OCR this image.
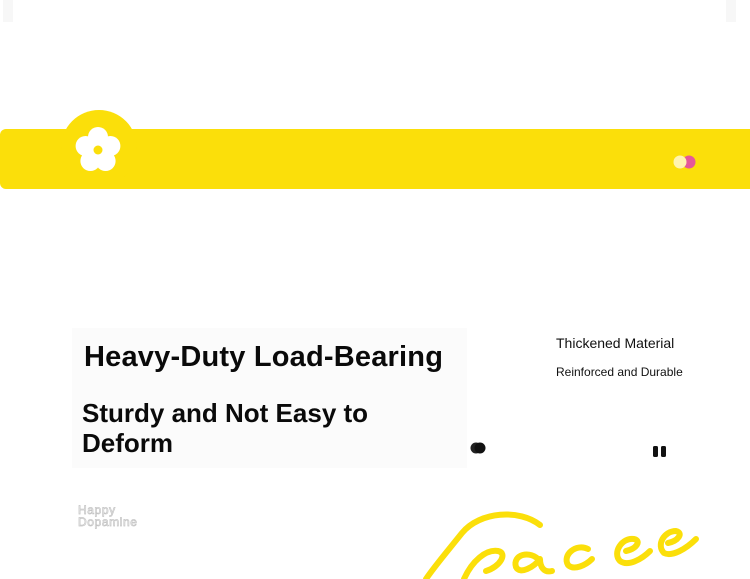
Heavy-Duty Load-Bearing
Sturdy and Not Easy to Deform

Thickened Material

Reinforced and Durable

Happy
Dopamine
